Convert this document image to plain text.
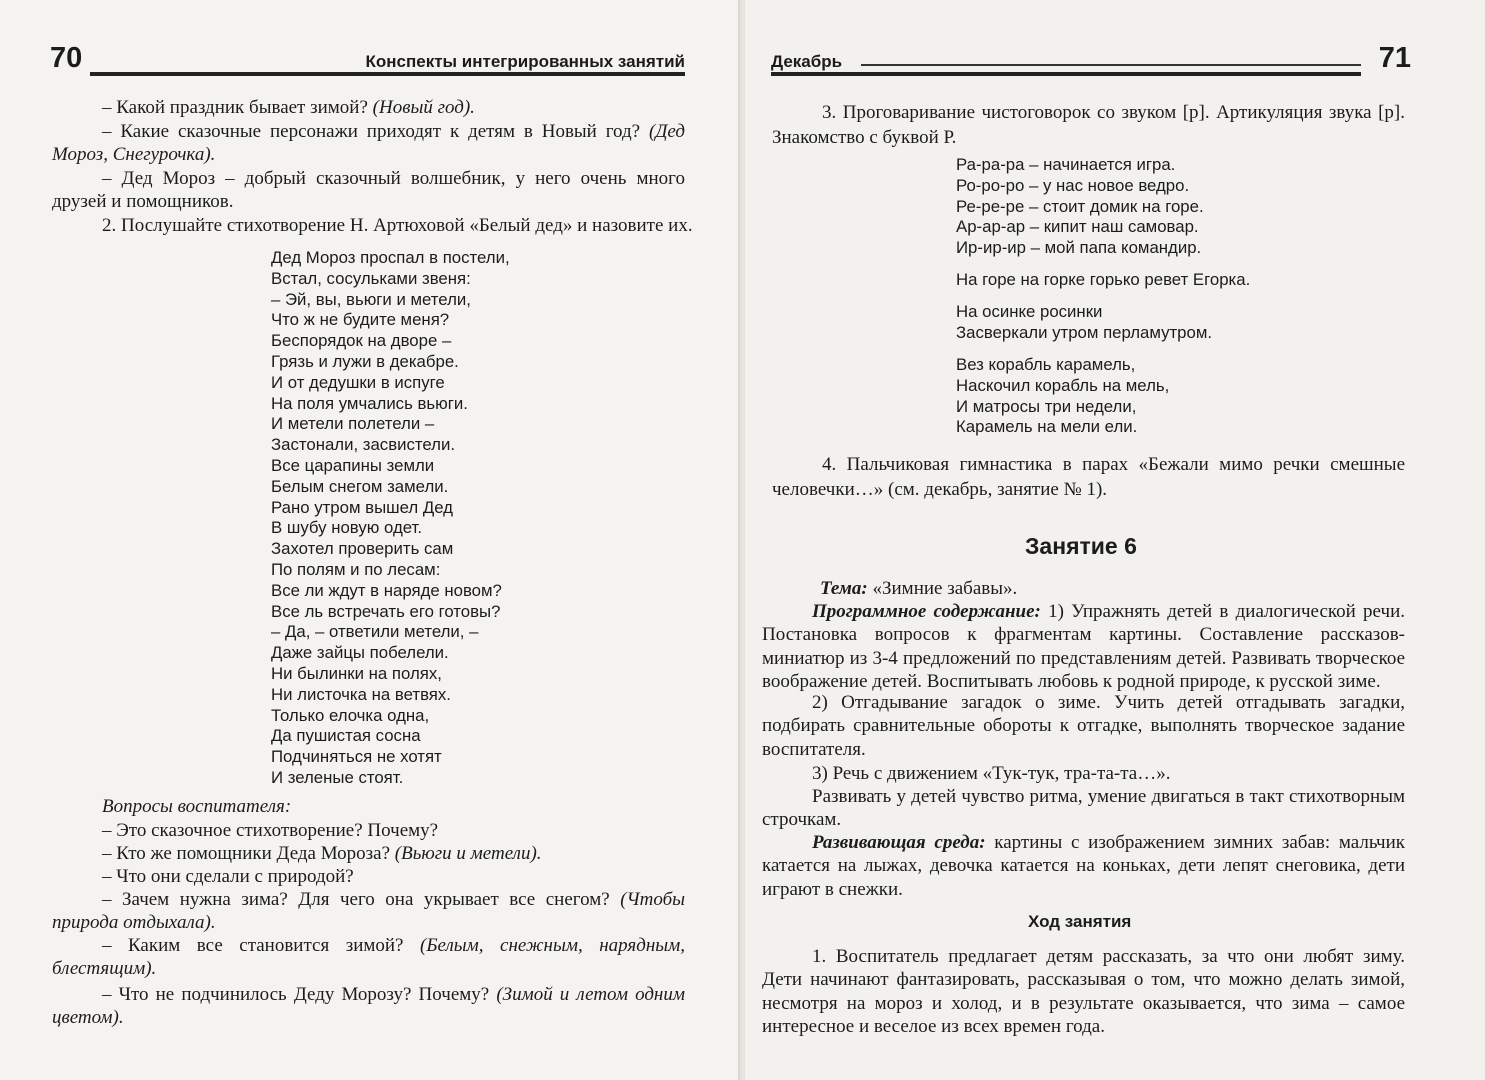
70	Конспекты интегрированных занятий
– Какой праздник бывает зимой? (Новый год).
– Какие сказочные персонажи приходят к детям в Новый год? (Дед Мороз, Снегурочка).
– Дед Мороз – добрый сказочный волшебник, у него очень много друзей и помощников.
2. Послушайте стихотворение Н. Артюховой «Белый дед» и назовите их.
Дед Мороз проспал в постели,
Встал, сосульками звеня:
– Эй, вы, вьюги и метели,
Что ж не будите меня?
Беспорядок на дворе –
Грязь и лужи в декабре.
И от дедушки в испуге
На поля умчались вьюги.
И метели полетели –
Застонали, засвистели.
Все царапины земли
Белым снегом замели.
Рано утром вышел Дед
В шубу новую одет.
Захотел проверить сам
По полям и по лесам:
Все ли ждут в наряде новом?
Все ль встречать его готовы?
– Да, – ответили метели, –
Даже зайцы побелели.
Ни былинки на полях,
Ни листочка на ветвях.
Только елочка одна,
Да пушистая сосна
Подчиняться не хотят
И зеленые стоят.
Вопросы воспитателя:
– Это сказочное стихотворение? Почему?
– Кто же помощники Деда Мороза? (Вьюги и метели).
– Что они сделали с природой?
– Зачем нужна зима? Для чего она укрывает все снегом? (Чтобы природа отдыхала).
– Каким все становится зимой? (Белым, снежным, нарядным, блестящим).
– Что не подчинилось Деду Морозу? Почему? (Зимой и летом одним цветом).
Декабрь	71
3. Проговаривание чистоговорок со звуком [р]. Артикуляция звука [р]. Знакомство с буквой Р.
Ра-ра-ра – начинается игра.
Ро-ро-ро – у нас новое ведро.
Ре-ре-ре – стоит домик на горе.
Ар-ар-ар – кипит наш самовар.
Ир-ир-ир – мой папа командир.
На горе на горке горько ревет Егорка.
На осинке росинки
Засверкали утром перламутром.
Вез корабль карамель,
Наскочил корабль на мель,
И матросы три недели,
Карамель на мели ели.
4. Пальчиковая гимнастика в парах «Бежали мимо речки смешные человечки…» (см. декабрь, занятие № 1).
Занятие 6
Тема: «Зимние забавы».
Программное содержание: 1) Упражнять детей в диалогической речи. Постановка вопросов к фрагментам картины. Составление рассказов-миниатюр из 3-4 предложений по представлениям детей. Развивать творческое воображение детей. Воспитывать любовь к родной природе, к русской зиме.
2) Отгадывание загадок о зиме. Учить детей отгадывать загадки, подбирать сравнительные обороты к отгадке, выполнять творческое задание воспитателя.
3) Речь с движением «Тук-тук, тра-та-та…».
Развивать у детей чувство ритма, умение двигаться в такт стихотворным строчкам.
Развивающая среда: картины с изображением зимних забав: мальчик катается на лыжах, девочка катается на коньках, дети лепят снеговика, дети играют в снежки.
Ход занятия
1. Воспитатель предлагает детям рассказать, за что они любят зиму. Дети начинают фантазировать, рассказывая о том, что можно делать зимой, несмотря на мороз и холод, и в результате оказывается, что зима – самое интересное и веселое из всех времен года.
